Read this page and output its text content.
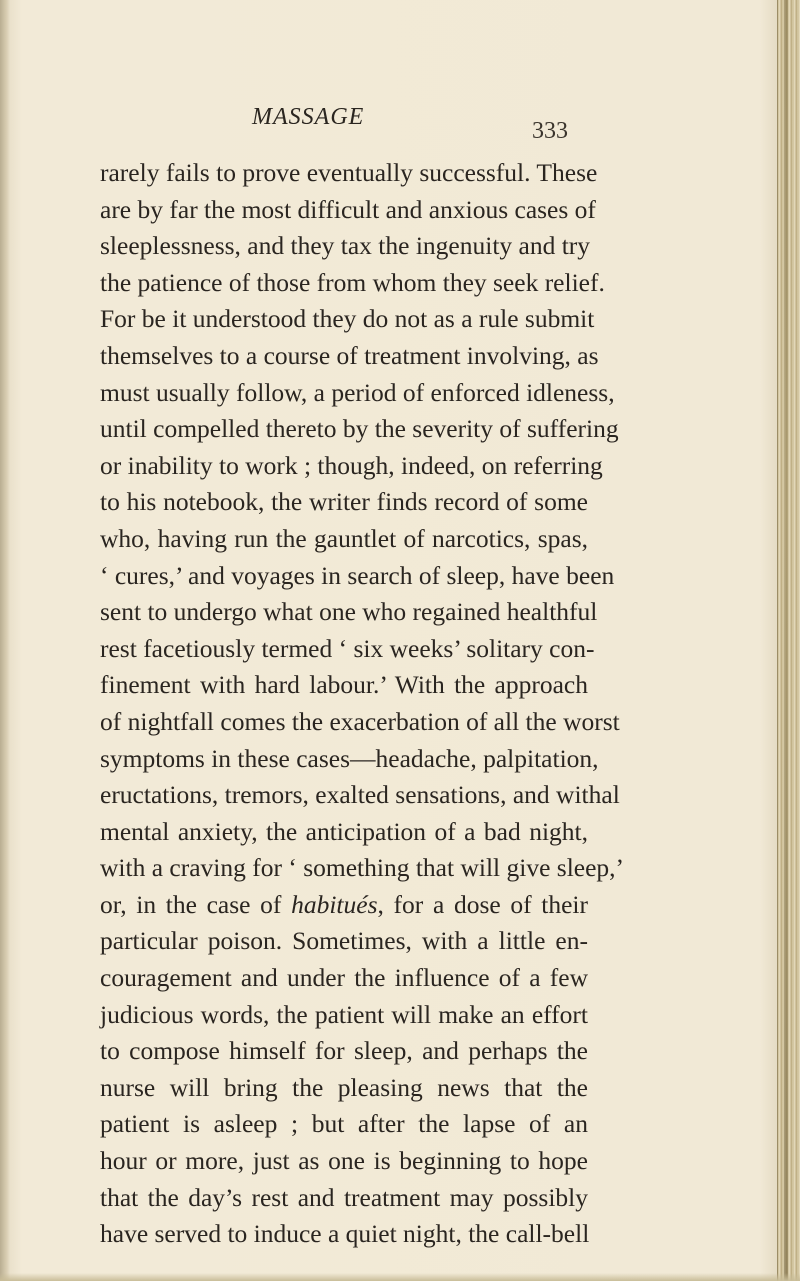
MASSAGE
333
rarely fails to prove eventually successful. These
are by far the most difficult and anxious cases of
sleeplessness, and they tax the ingenuity and try
the patience of those from whom they seek relief.
For be it understood they do not as a rule submit
themselves to a course of treatment involving, as
must usually follow, a period of enforced idleness,
until compelled thereto by the severity of suffering
or inability to work ; though, indeed, on referring
to his notebook, the writer finds record of some
who, having run the gauntlet of narcotics, spas,
‘ cures,’ and voyages in search of sleep, have been
sent to undergo what one who regained healthful
rest facetiously termed ‘ six weeks’ solitary con-
finement with hard labour.’ With the approach
of nightfall comes the exacerbation of all the worst
symptoms in these cases—headache, palpitation,
eructations, tremors, exalted sensations, and withal
mental anxiety, the anticipation of a bad night,
with a craving for ‘ something that will give sleep,’
or, in the case of habitués, for a dose of their
particular poison. Sometimes, with a little en-
couragement and under the influence of a few
judicious words, the patient will make an effort
to compose himself for sleep, and perhaps the
nurse will bring the pleasing news that the
patient is asleep ; but after the lapse of an
hour or more, just as one is beginning to hope
that the day’s rest and treatment may possibly
have served to induce a quiet night, the call-bell
